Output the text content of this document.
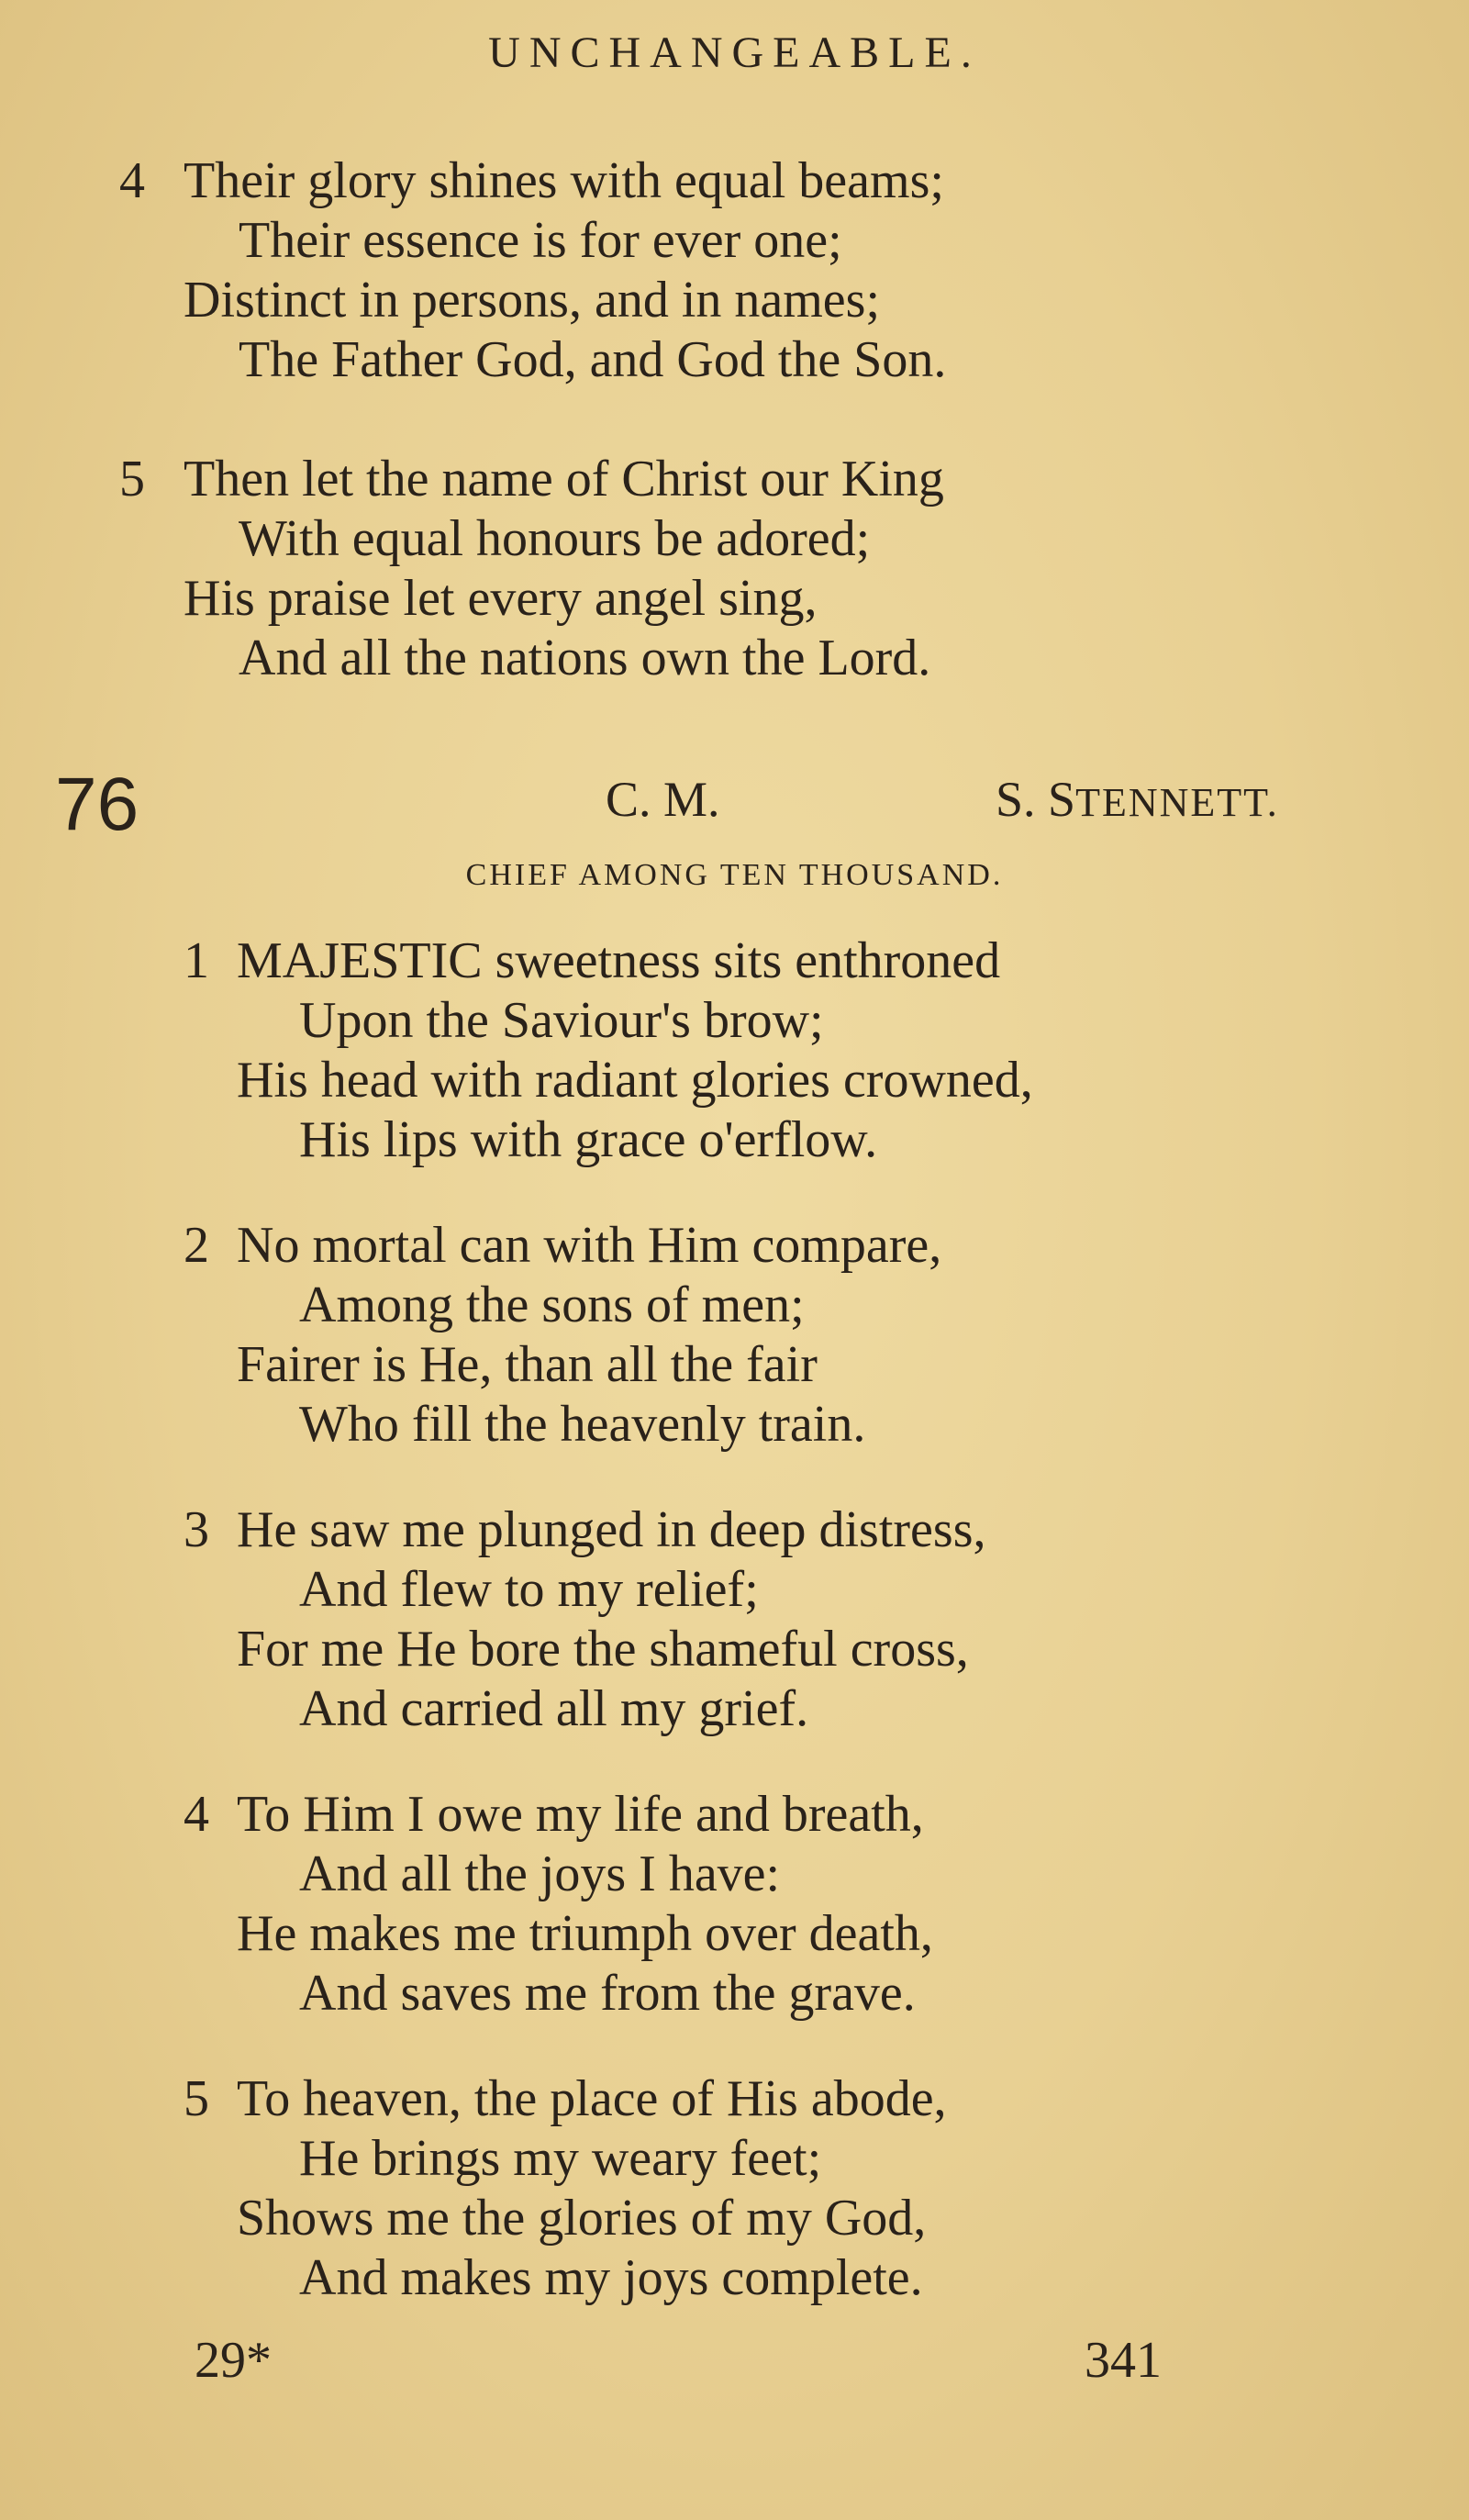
UNCHANGEABLE.
4 Their glory shines with equal beams;
Their essence is for ever one;
Distinct in persons, and in names;
The Father God, and God the Son.
5 Then let the name of Christ our King
With equal honours be adored;
His praise let every angel sing,
And all the nations own the Lord.
76	C. M.	S. STENNETT.
CHIEF AMONG TEN THOUSAND.
1 MAJESTIC sweetness sits enthroned
Upon the Saviour's brow;
His head with radiant glories crowned,
His lips with grace o'erflow.
2 No mortal can with Him compare,
Among the sons of men;
Fairer is He, than all the fair
Who fill the heavenly train.
3 He saw me plunged in deep distress,
And flew to my relief;
For me He bore the shameful cross,
And carried all my grief.
4 To Him I owe my life and breath,
And all the joys I have:
He makes me triumph over death,
And saves me from the grave.
5 To heaven, the place of His abode,
He brings my weary feet;
Shows me the glories of my God,
And makes my joys complete.
29*	341
